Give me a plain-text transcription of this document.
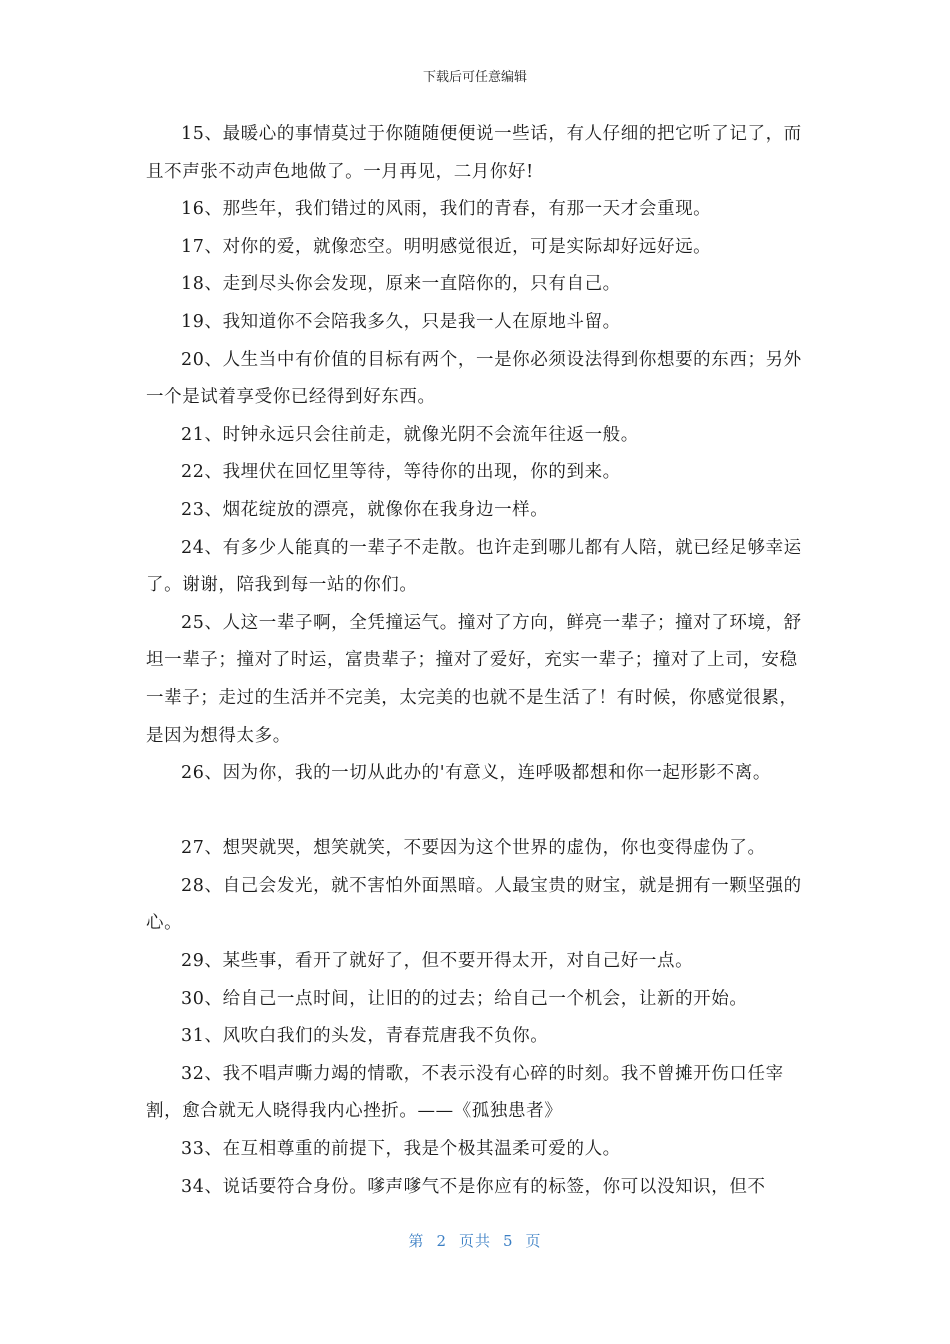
下载后可任意编辑

15、最暖心的事情莫过于你随随便便说一些话，有人仔细的把它听了记了，而且不声张不动声色地做了。一月再见，二月你好!

16、那些年，我们错过的风雨，我们的青春，有那一天才会重现。

17、对你的爱，就像恋空。明明感觉很近，可是实际却好远好远。

18、走到尽头你会发现，原来一直陪你的，只有自己。

19、我知道你不会陪我多久，只是我一人在原地斗留。

20、人生当中有价值的目标有两个，一是你必须设法得到你想要的东西；另外一个是试着享受你已经得到好东西。

21、时钟永远只会往前走，就像光阴不会流年往返一般。

22、我埋伏在回忆里等待，等待你的出现，你的到来。

23、烟花绽放的漂亮，就像你在我身边一样。

24、有多少人能真的一辈子不走散。也许走到哪儿都有人陪，就已经足够幸运了。谢谢，陪我到每一站的你们。

25、人这一辈子啊，全凭撞运气。撞对了方向，鲜亮一辈子；撞对了环境，舒坦一辈子；撞对了时运，富贵辈子；撞对了爱好，充实一辈子；撞对了上司，安稳一辈子；走过的生活并不完美，太完美的也就不是生活了！有时候，你感觉很累，是因为想得太多。

26、因为你，我的一切从此办的'有意义，连呼吸都想和你一起形影不离。

27、想哭就哭，想笑就笑，不要因为这个世界的虚伪，你也变得虚伪了。

28、自己会发光，就不害怕外面黑暗。人最宝贵的财宝，就是拥有一颗坚强的心。

29、某些事，看开了就好了，但不要开得太开，对自己好一点。

30、给自己一点时间，让旧的的过去；给自己一个机会，让新的开始。

31、风吹白我们的头发，青春荒唐我不负你。

32、我不唱声嘶力竭的情歌，不表示没有心碎的时刻。我不曾摊开伤口任宰割，愈合就无人晓得我内心挫折。——《孤独患者》

33、在互相尊重的前提下，我是个极其温柔可爱的人。

34、说话要符合身份。嗲声嗲气不是你应有的标签，你可以没知识，但不

第 2 页共 5 页
